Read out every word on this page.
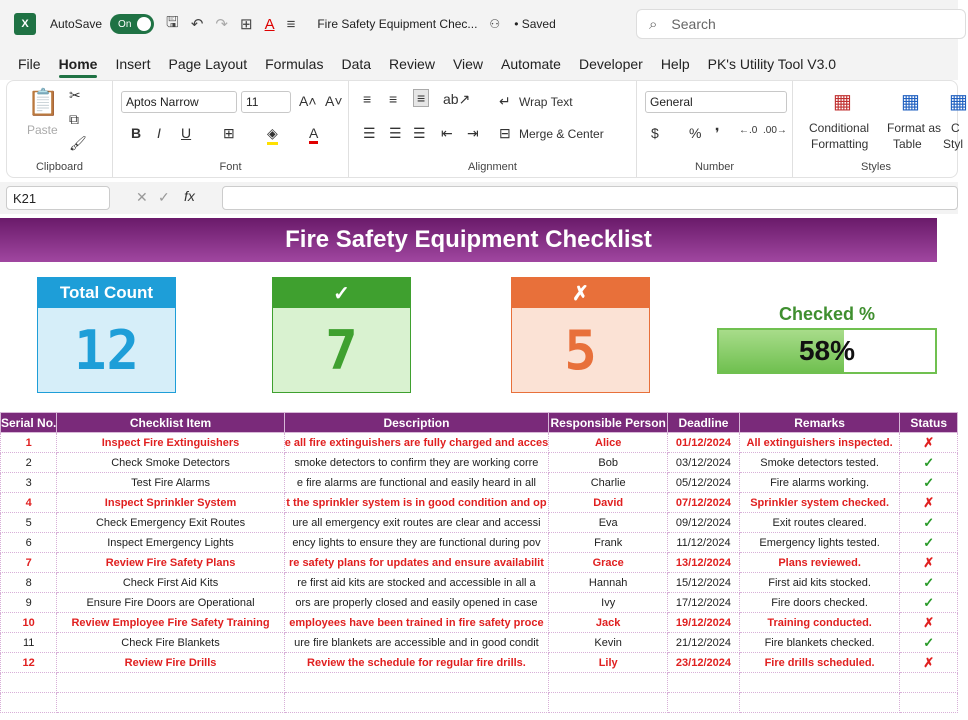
X	AutoSave On 🖫 ↶ ↷ ⊞ A ≡ Fire Safety Equipment Chec... ⚇ • Saved	⌕ Search
File Home Insert Page Layout Formulas Data Review View Automate Developer Help PK's Utility Tool V3.0
📋
Paste
✂
⧉
🖌
Clipboard
Aptos Narrow	11	A˄ A˅
B I U ⊞ ◈ A
Font
≡ ≡ ≡ ab↗ ↵ Wrap Text
☰ ☰ ☰ ⇤ ⇥ ⊟ Merge & Center
Alignment
General
$ % ❜ ←.0 .00→
Number
▦
Conditional
Formatting
▦
Format as
Table
▦
C
Styl
Styles
K21	✕ ✓ fx
Fire Safety Equipment Checklist
Total Count
12
✓
7
✗
5
Checked %
58%
Serial No.	Checklist Item	Description	Responsible Person	Deadline	Remarks	Status
1	Inspect Fire Extinguishers	e all fire extinguishers are fully charged and acces	Alice	01/12/2024	All extinguishers inspected.	✗
2	Check Smoke Detectors	smoke detectors to confirm they are working corre	Bob	03/12/2024	Smoke detectors tested.	✓
3	Test Fire Alarms	e fire alarms are functional and easily heard in all	Charlie	05/12/2024	Fire alarms working.	✓
4	Inspect Sprinkler System	t the sprinkler system is in good condition and op	David	07/12/2024	Sprinkler system checked.	✗
5	Check Emergency Exit Routes	ure all emergency exit routes are clear and accessi	Eva	09/12/2024	Exit routes cleared.	✓
6	Inspect Emergency Lights	ency lights to ensure they are functional during pov	Frank	11/12/2024	Emergency lights tested.	✓
7	Review Fire Safety Plans	re safety plans for updates and ensure availabilit	Grace	13/12/2024	Plans reviewed.	✗
8	Check First Aid Kits	re first aid kits are stocked and accessible in all a	Hannah	15/12/2024	First aid kits stocked.	✓
9	Ensure Fire Doors are Operational	ors are properly closed and easily opened in case	Ivy	17/12/2024	Fire doors checked.	✓
10	Review Employee Fire Safety Training	employees have been trained in fire safety proce	Jack	19/12/2024	Training conducted.	✗
11	Check Fire Blankets	ure fire blankets are accessible and in good condit	Kevin	21/12/2024	Fire blankets checked.	✓
12	Review Fire Drills	Review the schedule for regular fire drills.	Lily	23/12/2024	Fire drills scheduled.	✗
